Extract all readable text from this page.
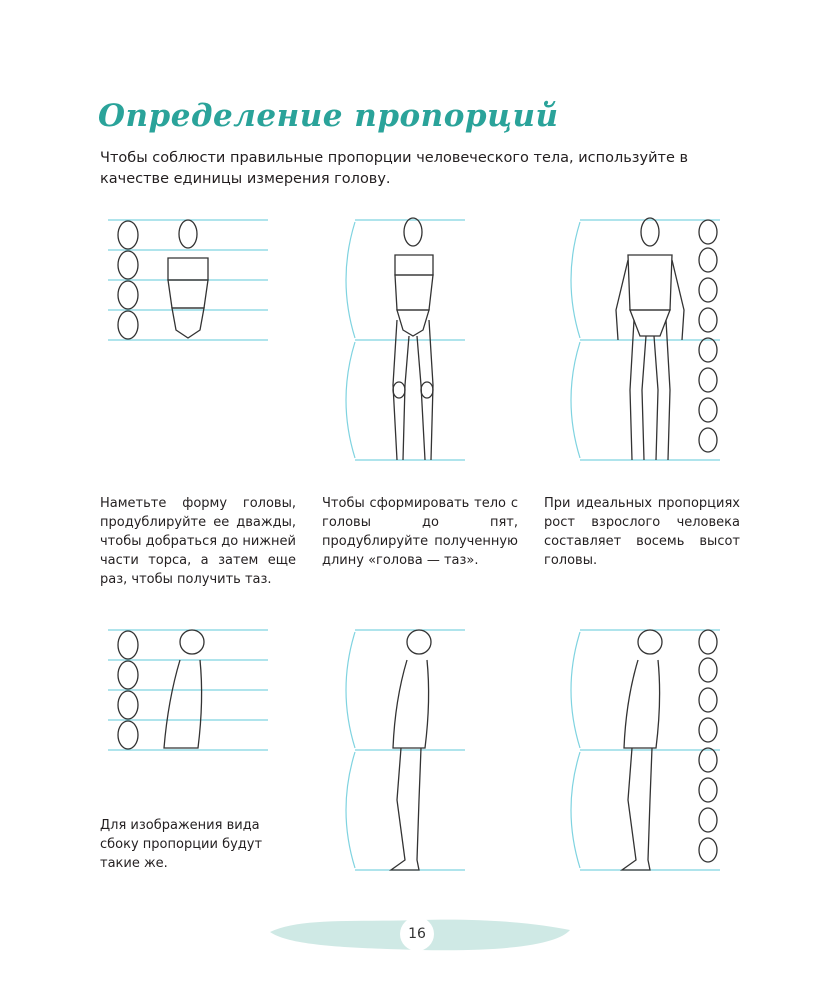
Определение пропорций
Чтобы соблюсти правильные пропорции человеческого тела, используйте в качестве единицы измерения голову.
Наметьте форму головы, продублируйте ее дважды, чтобы добраться до нижней части торса, а затем еще раз, чтобы получить таз.
Чтобы сформировать тело с головы до пят, продублируйте полученную длину «голова — таз».
При идеальных пропорциях рост взрослого человека составляет восемь высот головы.
Для изображения вида сбоку пропорции будут такие же.
16
